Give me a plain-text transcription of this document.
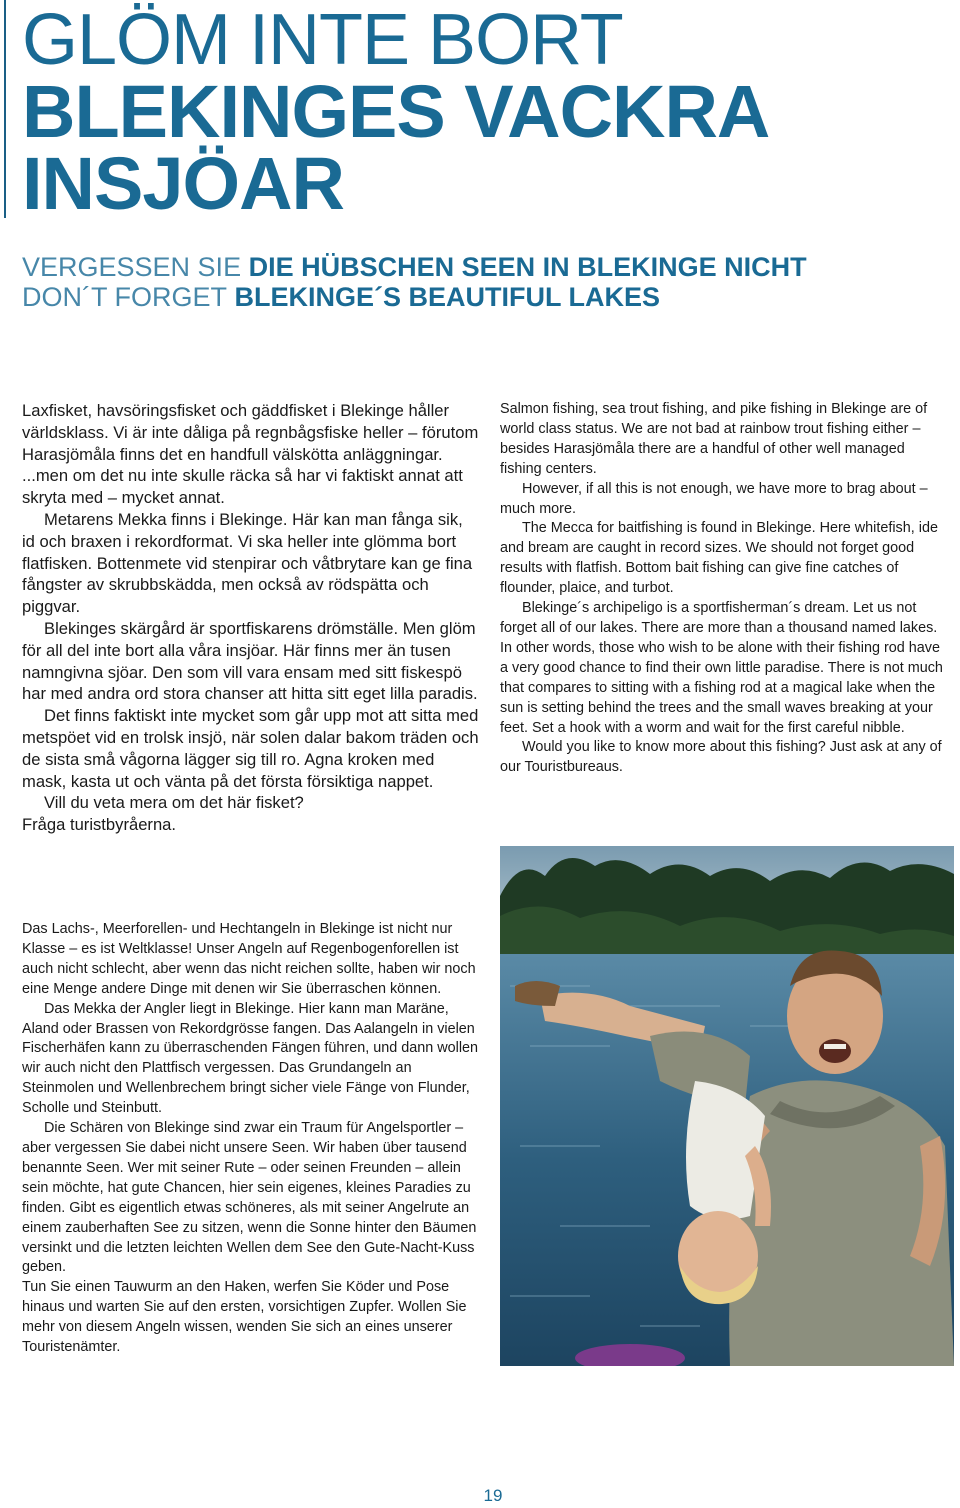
GLÖM INTE BORT
BLEKINGES VACKRA INSJÖAR
VERGESSEN SIE DIE HÜBSCHEN SEEN IN BLEKINGE NICHT
DON´T FORGET BLEKINGE´S BEAUTIFUL LAKES

Laxfisket, havsöringsfisket och gäddfisket i Blekinge håller världsklass. Vi är inte dåliga på regnbågsfiske heller – förutom Harasjömåla finns det en handfull välskötta anläggningar.

...men om det nu inte skulle räcka så har vi faktiskt annat att skryta med – mycket annat.

Metarens Mekka finns i Blekinge. Här kan man fånga sik, id och braxen i rekordformat. Vi ska heller inte glömma bort flatfisken. Bottenmete vid stenpirar och våtbrytare kan ge fina fångster av skrubbskädda, men också av rödspätta och piggvar.

Blekinges skärgård är sportfiskarens drömställe. Men glöm för all del inte bort alla våra insjöar. Här finns mer än tusen namngivna sjöar. Den som vill vara ensam med sitt fiskespö har med andra ord stora chanser att hitta sitt eget lilla paradis.

Det finns faktiskt inte mycket som går upp mot att sitta med metspöet vid en trolsk insjö, när solen dalar bakom träden och de sista små vågorna lägger sig till ro. Agna kroken med mask, kasta ut och vänta på det första försiktiga nappet.

Vill du veta mera om det här fisket?

Fråga turistbyråerna.

Das Lachs-, Meerforellen- und Hechtangeln in Blekinge ist nicht nur Klasse – es ist Weltklasse! Unser Angeln auf Regenbogenforellen ist auch nicht schlecht, aber wenn das nicht reichen sollte, haben wir noch eine Menge andere Dinge mit denen wir Sie überraschen können.

Das Mekka der Angler liegt in Blekinge. Hier kann man Maräne, Aland oder Brassen von Rekordgrösse fangen. Das Aalangeln in vielen Fischerhäfen kann zu überraschenden Fängen führen, und dann wollen wir auch nicht den Plattfisch vergessen. Das Grundangeln an Steinmolen und Wellenbrechem bringt sicher viele Fänge von Flunder, Scholle und Steinbutt.

Die Schären von Blekinge sind zwar ein Traum für Angelsportler – aber vergessen Sie dabei nicht unsere Seen. Wir haben über tausend benannte Seen. Wer mit seiner Rute – oder seinen Freunden – allein sein möchte, hat gute Chancen, hier sein eigenes, kleines Paradies zu finden. Gibt es eigentlich etwas schöneres, als mit seiner Angelrute an einem zauberhaften See zu sitzen, wenn die Sonne hinter den Bäumen versinkt und die letzten leichten Wellen dem See den Gute-Nacht-Kuss geben.

Tun Sie einen Tauwurm an den Haken, werfen Sie Köder und Pose hinaus und warten Sie auf den ersten, vorsichtigen Zupfer. Wollen Sie mehr von diesem Angeln wissen, wenden Sie sich an eines unserer Touristenämter.

Salmon fishing, sea trout fishing, and pike fishing in Blekinge are of world class status. We are not bad at rainbow trout fishing either – besides Harasjömåla there are a handful of other well managed fishing centers.

However, if all this is not enough, we have more to brag about – much more.

The Mecca for baitfishing is found in Blekinge. Here whitefish, ide and bream are caught in record sizes. We should not forget good results with flatfish. Bottom bait fishing can give fine catches of flounder, plaice, and turbot.

Blekinge´s archipeligo is a sportfisherman´s dream. Let us not forget all of our lakes. There are more than a thousand named lakes. In other words, those who wish to be alone with their fishing rod have a very good chance to find their own little paradise. There is not much that compares to sitting with a fishing rod at a magical lake when the sun is setting behind the trees and the small waves breaking at your feet. Set a hook with a worm and wait for the first careful nibble.

Would you like to know more about this fishing? Just ask at any of our Touristbureaus.

19
